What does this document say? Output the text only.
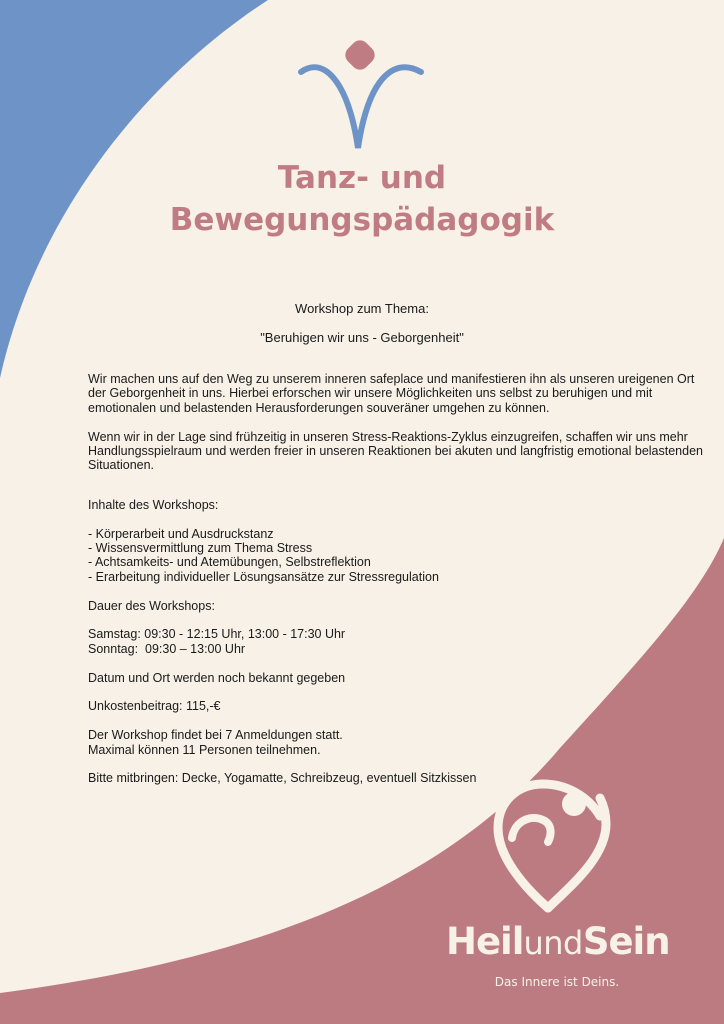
Tanz- und
Bewegungspädagogik
Workshop zum Thema:
"Beruhigen wir uns - Geborgenheit"

Wir machen uns auf den Weg zu unserem inneren safeplace und manifestieren ihn als unseren ureigenen Ort der Geborgenheit in uns. Hierbei erforschen wir unsere Möglichkeiten uns selbst zu beruhigen und mit emotionalen und belastenden Herausforderungen souveräner umgehen zu können.

Wenn wir in der Lage sind frühzeitig in unseren Stress-Reaktions-Zyklus einzugreifen, schaffen wir uns mehr Handlungsspielraum und werden freier in unseren Reaktionen bei akuten und langfristig emotional belastenden Situationen.

Inhalte des Workshops:

- Körperarbeit und Ausdruckstanz

- Wissensvermittlung zum Thema Stress

- Achtsamkeits- und Atemübungen, Selbstreflektion

- Erarbeitung individueller Lösungsansätze zur Stressregulation

Dauer des Workshops:

Samstag: 09:30 - 12:15 Uhr, 13:00 - 17:30 Uhr

Sonntag:  09:30 – 13:00 Uhr

Datum und Ort werden noch bekannt gegeben

Unkostenbeitrag: 115,-€

Der Workshop findet bei 7 Anmeldungen statt.

Maximal können 11 Personen teilnehmen.

Bitte mitbringen: Decke, Yogamatte, Schreibzeug, eventuell Sitzkissen

HeilundSein
Das Innere ist Deins.
